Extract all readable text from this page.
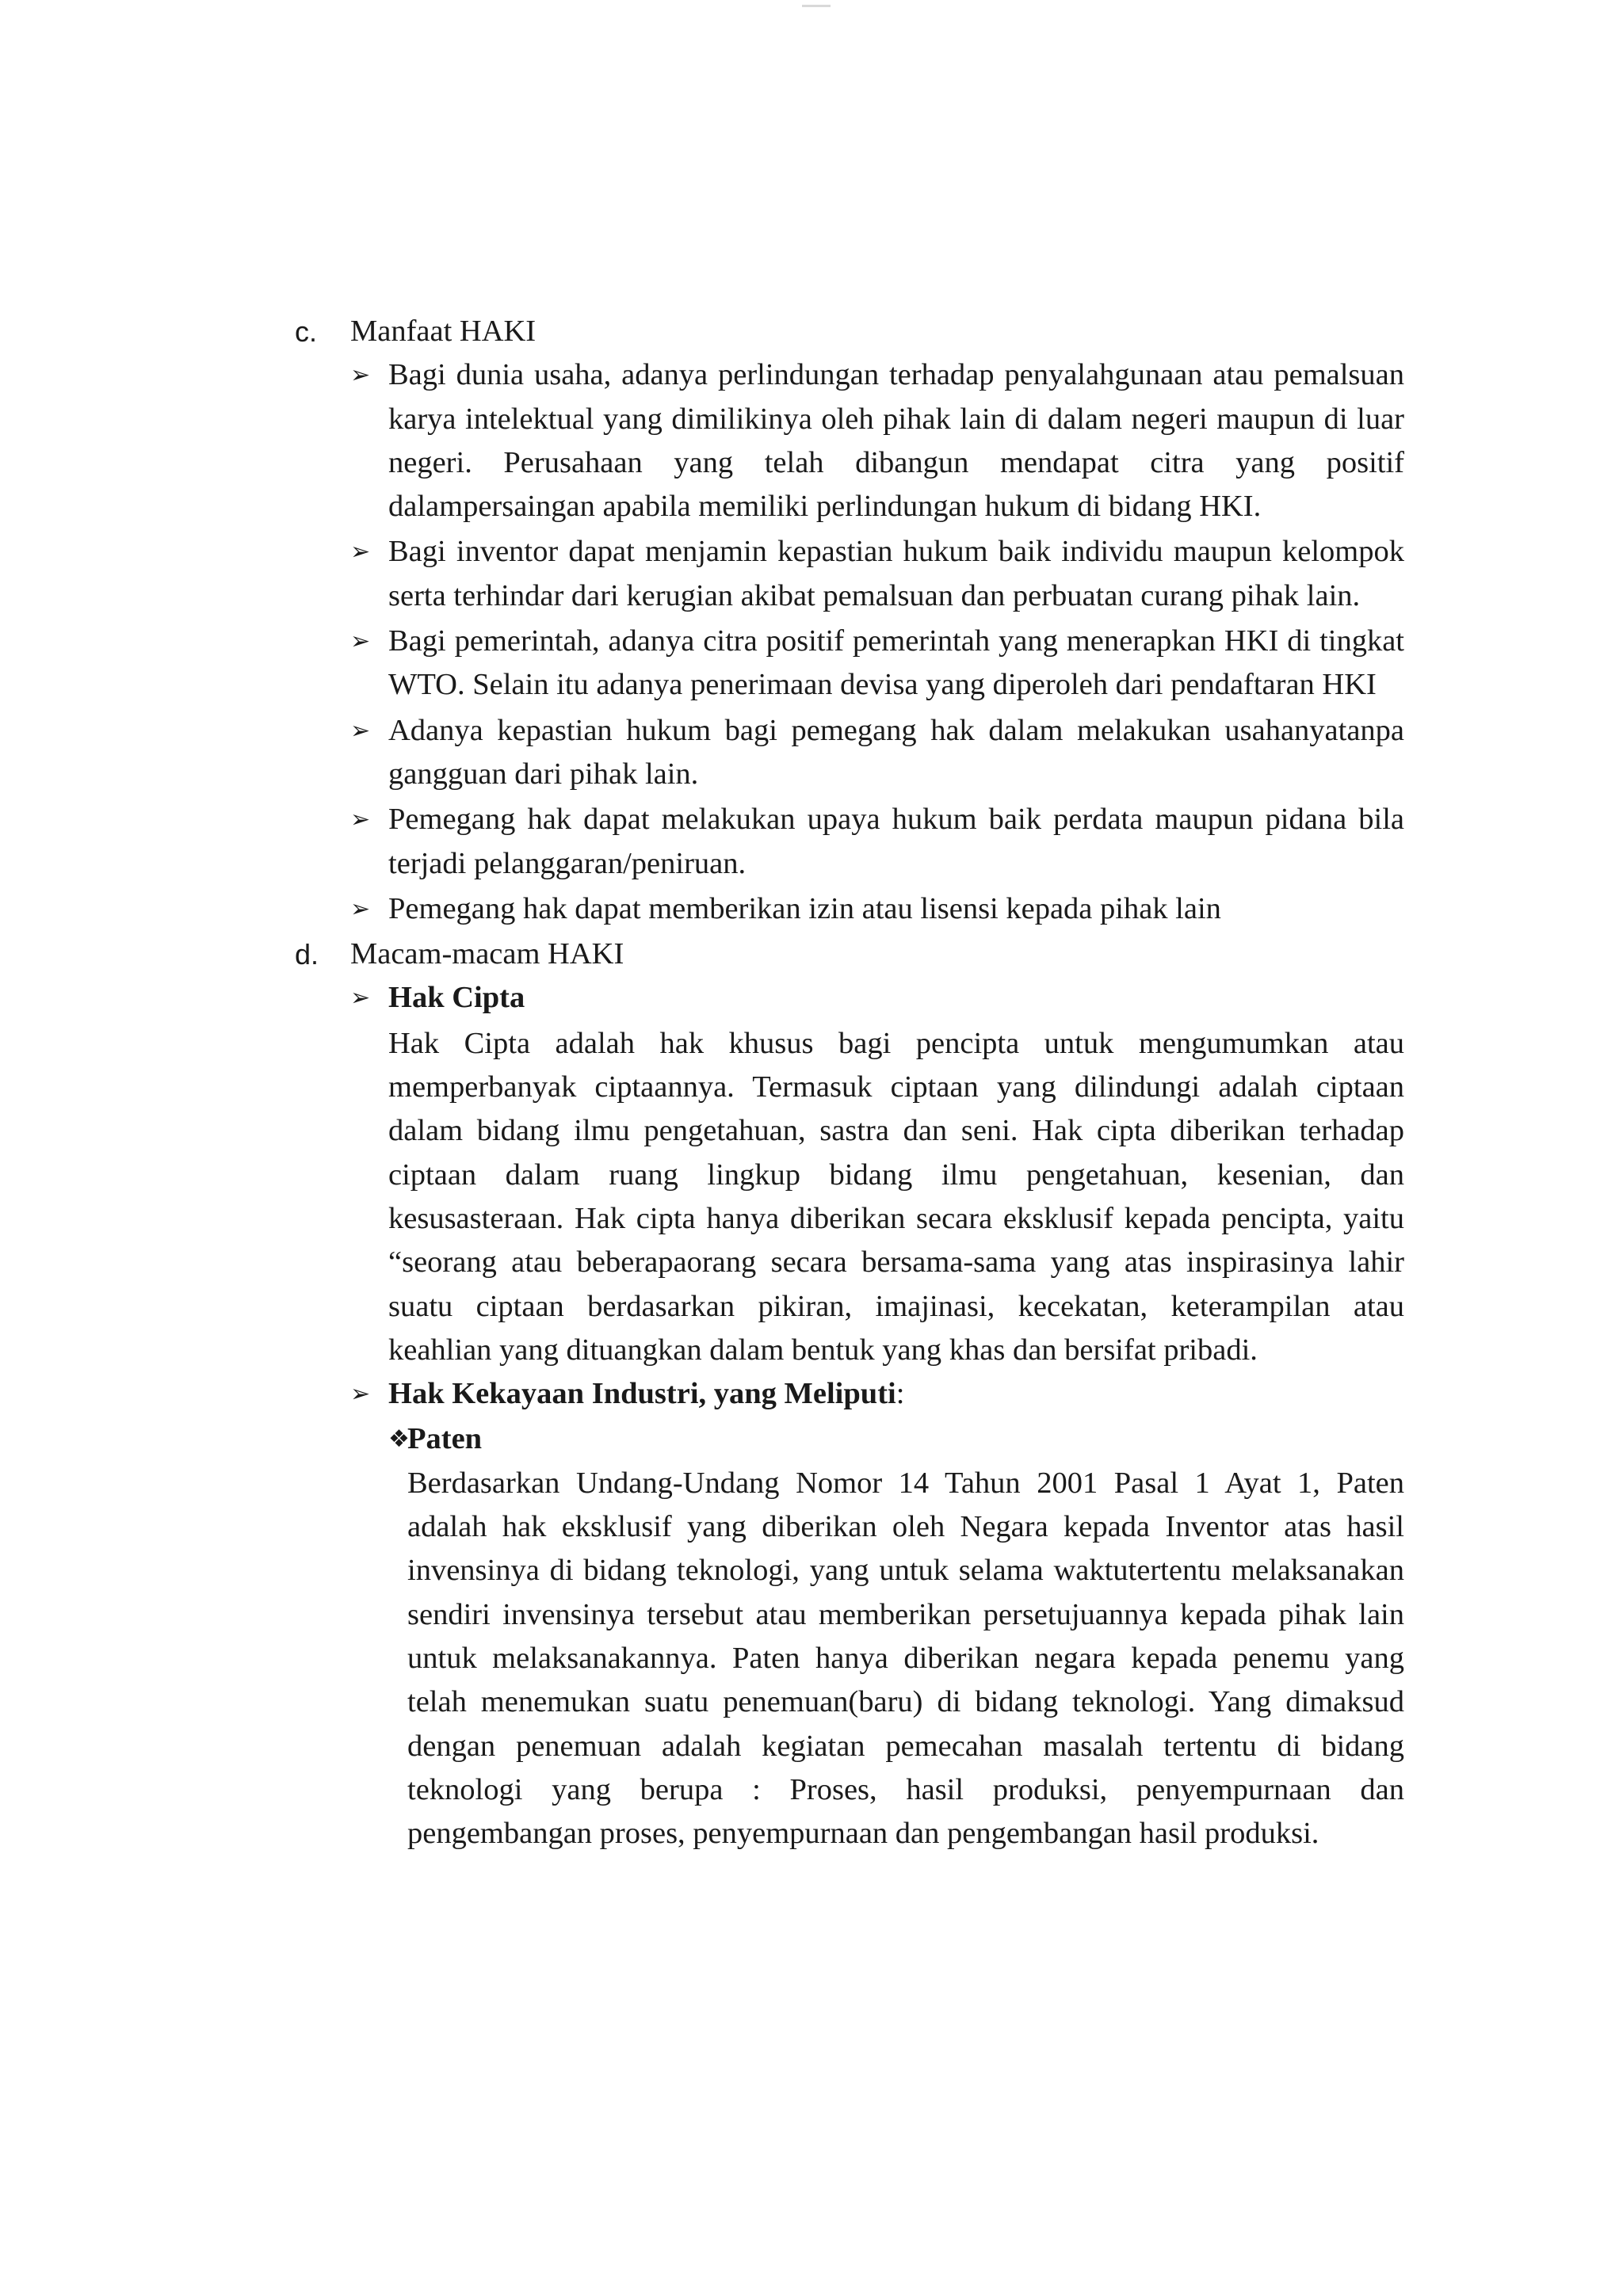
c. Manfaat HAKI
➢ Bagi dunia usaha, adanya perlindungan terhadap penyalahgunaan atau pemalsuan karya intelektual yang dimilikinya oleh pihak lain di dalam negeri maupun di luar negeri. Perusahaan yang telah dibangun mendapat citra yang positif dalampersaingan apabila memiliki perlindungan hukum di bidang HKI.
➢ Bagi inventor dapat menjamin kepastian hukum baik individu maupun kelompok serta terhindar dari kerugian akibat pemalsuan dan perbuatan curang pihak lain.
➢ Bagi pemerintah, adanya citra positif pemerintah yang menerapkan HKI di tingkat WTO. Selain itu adanya penerimaan devisa yang diperoleh dari pendaftaran HKI
➢ Adanya kepastian hukum bagi pemegang hak dalam melakukan usahanyatanpa gangguan dari pihak lain.
➢ Pemegang hak dapat melakukan upaya hukum baik perdata maupun pidana bila terjadi pelanggaran/peniruan.
➢ Pemegang hak dapat memberikan izin atau lisensi kepada pihak lain
d. Macam-macam HAKI
➢ Hak Cipta
Hak Cipta adalah hak khusus bagi pencipta untuk mengumumkan atau memperbanyak ciptaannya. Termasuk ciptaan yang dilindungi adalah ciptaan dalam bidang ilmu pengetahuan, sastra dan seni. Hak cipta diberikan terhadap ciptaan dalam ruang lingkup bidang ilmu pengetahuan, kesenian, dan kesusasteraan. Hak cipta hanya diberikan secara eksklusif kepada pencipta, yaitu “seorang atau beberapaorang secara bersama-sama yang atas inspirasinya lahir suatu ciptaan berdasarkan pikiran, imajinasi, kecekatan, keterampilan atau keahlian yang dituangkan dalam bentuk yang khas dan bersifat pribadi.
➢ Hak Kekayaan Industri, yang Meliputi:
❖
Paten
Berdasarkan Undang-Undang Nomor 14 Tahun 2001 Pasal 1 Ayat 1, Paten adalah hak eksklusif yang diberikan oleh Negara kepada Inventor atas hasil invensinya di bidang teknologi, yang untuk selama waktutertentu melaksanakan sendiri invensinya tersebut atau memberikan persetujuannya kepada pihak lain untuk melaksanakannya. Paten hanya diberikan negara kepada penemu yang telah menemukan suatu penemuan(baru) di bidang teknologi. Yang dimaksud dengan penemuan adalah kegiatan pemecahan masalah tertentu di bidang teknologi yang berupa : Proses, hasil produksi, penyempurnaan dan pengembangan proses, penyempurnaan dan pengembangan hasil produksi.
